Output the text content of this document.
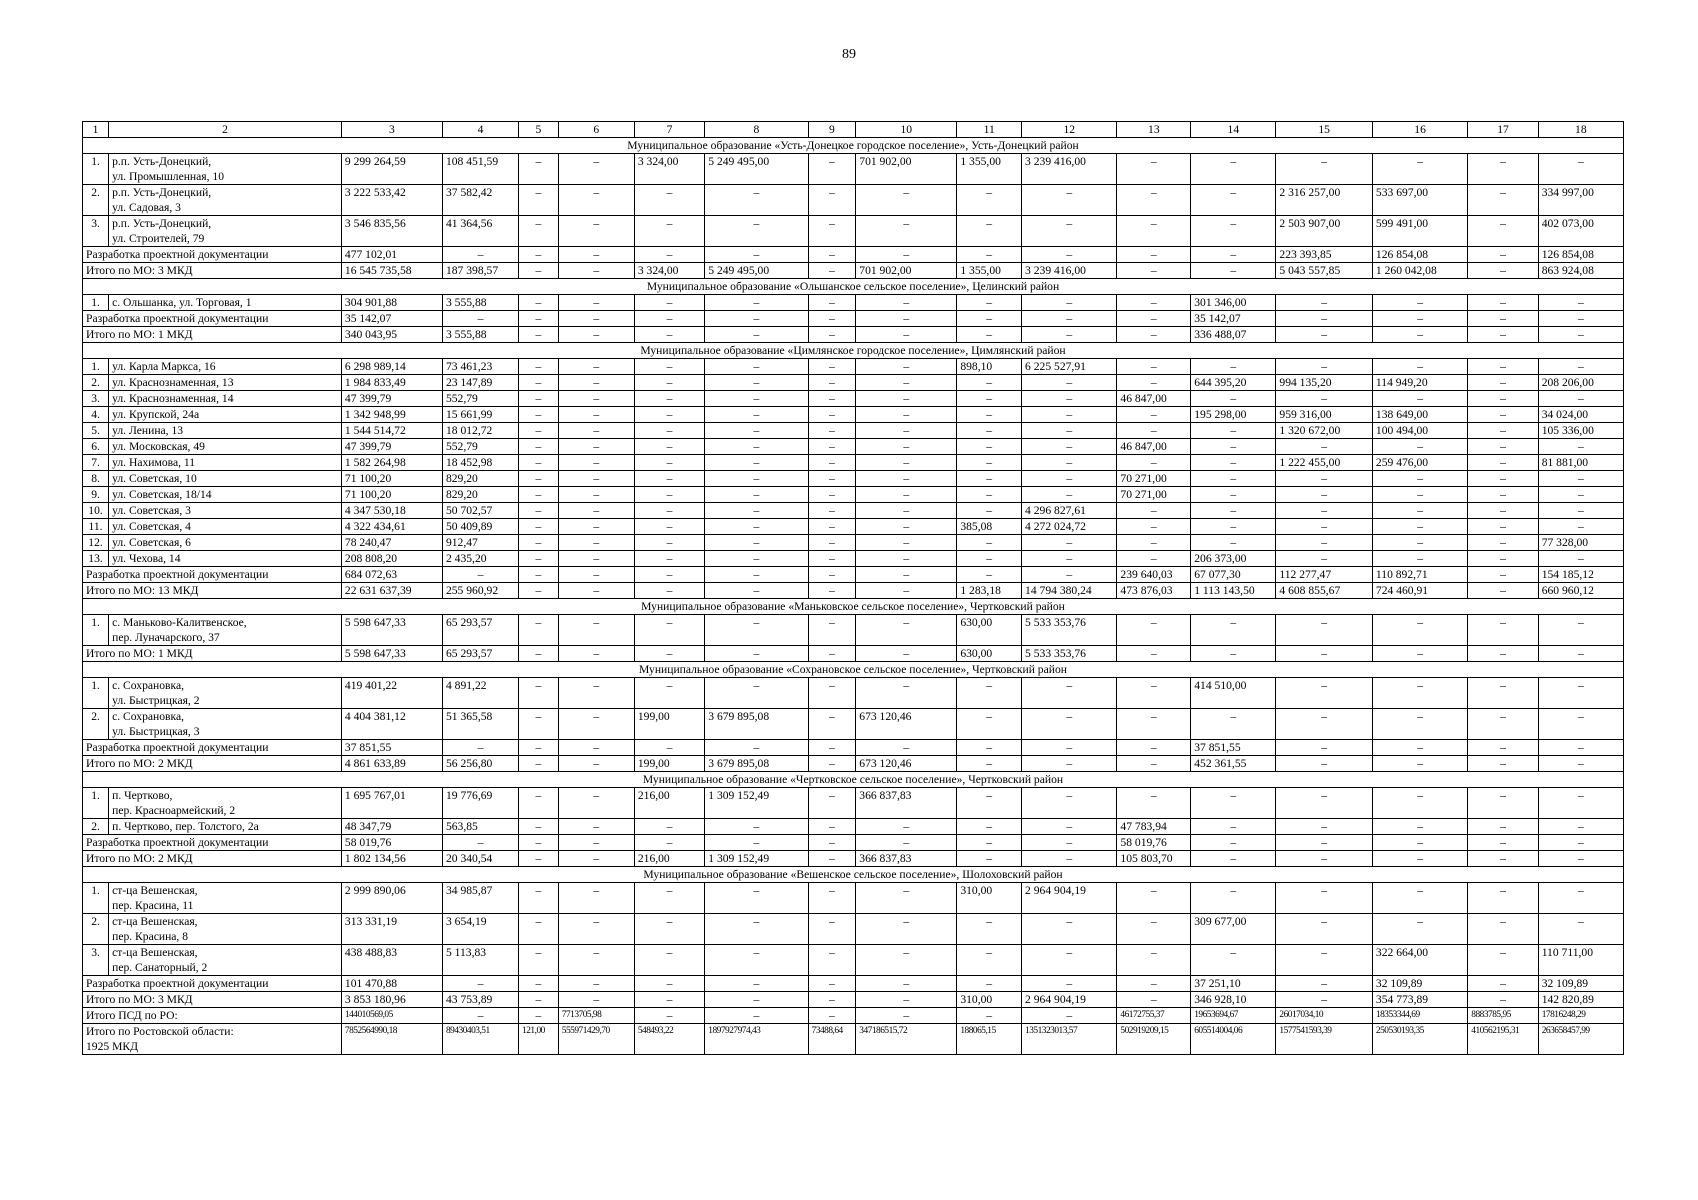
89
1	2	3	4	5	6	7	8	9	10	11	12	13	14	15	16	17	18
Муниципальное образование «Усть-Донецкое городское поселение», Усть-Донецкий район																	
1.	р.п. Усть-Донецкий,
ул. Промышленная, 10	9 299 264,59	108 451,59	–	–	3 324,00	5 249 495,00	–	701 902,00	1 355,00	3 239 416,00	–	–	–	–	–	–
2.	р.п. Усть-Донецкий,
ул. Садовая, 3	3 222 533,42	37 582,42	–	–	–	–	–	–	–	–	–	–	2 316 257,00	533 697,00	–	334 997,00
3.	р.п. Усть-Донецкий,
ул. Строителей, 79	3 546 835,56	41 364,56	–	–	–	–	–	–	–	–	–	–	2 503 907,00	599 491,00	–	402 073,00
Разработка проектной документации		477 102,01	–	–	–	–	–	–	–	–	–	–	–	223 393,85	126 854,08	–	126 854,08
Итого по МО: 3 МКД		16 545 735,58	187 398,57	–	–	3 324,00	5 249 495,00	–	701 902,00	1 355,00	3 239 416,00	–	–	5 043 557,85	1 260 042,08	–	863 924,08
Муниципальное образование «Ольшанское сельское поселение», Целинский район																	
1.	с. Ольшанка, ул. Торговая, 1	304 901,88	3 555,88	–	–	–	–	–	–	–	–	–	301 346,00	–	–	–	–
Разработка проектной документации		35 142,07	–	–	–	–	–	–	–	–	–	–	35 142,07	–	–	–	–
Итого по МО: 1 МКД		340 043,95	3 555,88	–	–	–	–	–	–	–	–	–	336 488,07	–	–	–	–
Муниципальное образование «Цимлянское городское поселение», Цимлянский район																	
1.	ул. Карла Маркса, 16	6 298 989,14	73 461,23	–	–	–	–	–	–	898,10	6 225 527,91	–	–	–	–	–	–
2.	ул. Краснознаменная, 13	1 984 833,49	23 147,89	–	–	–	–	–	–	–	–	–	644 395,20	994 135,20	114 949,20	–	208 206,00
3.	ул. Краснознаменная, 14	47 399,79	552,79	–	–	–	–	–	–	–	–	46 847,00	–	–	–	–	–
4.	ул. Крупской, 24а	1 342 948,99	15 661,99	–	–	–	–	–	–	–	–	–	195 298,00	959 316,00	138 649,00	–	34 024,00
5.	ул. Ленина, 13	1 544 514,72	18 012,72	–	–	–	–	–	–	–	–	–	–	1 320 672,00	100 494,00	–	105 336,00
6.	ул. Московская, 49	47 399,79	552,79	–	–	–	–	–	–	–	–	46 847,00	–	–	–	–	–
7.	ул. Нахимова, 11	1 582 264,98	18 452,98	–	–	–	–	–	–	–	–	–	–	1 222 455,00	259 476,00	–	81 881,00
8.	ул. Советская, 10	71 100,20	829,20	–	–	–	–	–	–	–	–	70 271,00	–	–	–	–	–
9.	ул. Советская, 18/14	71 100,20	829,20	–	–	–	–	–	–	–	–	70 271,00	–	–	–	–	–
10.	ул. Советская, 3	4 347 530,18	50 702,57	–	–	–	–	–	–	–	4 296 827,61	–	–	–	–	–	–
11.	ул. Советская, 4	4 322 434,61	50 409,89	–	–	–	–	–	–	385,08	4 272 024,72	–	–	–	–	–	–
12.	ул. Советская, 6	78 240,47	912,47	–	–	–	–	–	–	–	–	–	–	–	–	–	77 328,00
13.	ул. Чехова, 14	208 808,20	2 435,20	–	–	–	–	–	–	–	–	–	206 373,00	–	–	–	–
Разработка проектной документации		684 072,63	–	–	–	–	–	–	–	–	–	239 640,03	67 077,30	112 277,47	110 892,71	–	154 185,12
Итого по МО: 13 МКД		22 631 637,39	255 960,92	–	–	–	–	–	–	1 283,18	14 794 380,24	473 876,03	1 113 143,50	4 608 855,67	724 460,91	–	660 960,12
Муниципальное образование «Маньковское сельское поселение», Чертковский район																	
1.	с. Маньково-Калитвенское,
пер. Луначарского, 37	5 598 647,33	65 293,57	–	–	–	–	–	–	630,00	5 533 353,76	–	–	–	–	–	–
Итого по МО: 1 МКД		5 598 647,33	65 293,57	–	–	–	–	–	–	630,00	5 533 353,76	–	–	–	–	–	–
Муниципальное образование «Сохрановское сельское поселение», Чертковский район																	
1.	с. Сохрановка,
ул. Быстрицкая, 2	419 401,22	4 891,22	–	–	–	–	–	–	–	–	–	414 510,00	–	–	–	–
2.	с. Сохрановка,
ул. Быстрицкая, 3	4 404 381,12	51 365,58	–	–	199,00	3 679 895,08	–	673 120,46	–	–	–	–	–	–	–	–
Разработка проектной документации		37 851,55	–	–	–	–	–	–	–	–	–	–	37 851,55	–	–	–	–
Итого по МО: 2 МКД		4 861 633,89	56 256,80	–	–	199,00	3 679 895,08	–	673 120,46	–	–	–	452 361,55	–	–	–	–
Муниципальное образование «Чертковское сельское поселение», Чертковский район																	
1.	п. Чертково,
пер. Красноармейский, 2	1 695 767,01	19 776,69	–	–	216,00	1 309 152,49	–	366 837,83	–	–	–	–	–	–	–	–
2.	п. Чертково, пер. Толстого, 2а	48 347,79	563,85	–	–	–	–	–	–	–	–	47 783,94	–	–	–	–	–
Разработка проектной документации		58 019,76	–	–	–	–	–	–	–	–	–	58 019,76	–	–	–	–	–
Итого по МО: 2 МКД		1 802 134,56	20 340,54	–	–	216,00	1 309 152,49	–	366 837,83	–	–	105 803,70	–	–	–	–	–
Муниципальное образование «Вешенское сельское поселение», Шолоховский район																	
1.	ст-ца Вешенская,
пер. Красина, 11	2 999 890,06	34 985,87	–	–	–	–	–	–	310,00	2 964 904,19	–	–	–	–	–	–
2.	ст-ца Вешенская,
пер. Красина, 8	313 331,19	3 654,19	–	–	–	–	–	–	–	–	–	309 677,00	–	–	–	–
3.	ст-ца Вешенская,
пер. Санаторный, 2	438 488,83	5 113,83	–	–	–	–	–	–	–	–	–	–	–	322 664,00	–	110 711,00
Разработка проектной документации		101 470,88	–	–	–	–	–	–	–	–	–	–	37 251,10	–	32 109,89	–	32 109,89
Итого по МО: 3 МКД		3 853 180,96	43 753,89	–	–	–	–	–	–	310,00	2 964 904,19	–	346 928,10	–	354 773,89	–	142 820,89
Итого ПСД по РО:		144010569,05	–	–	7713705,98	–	–	–	–	–	–	46172755,37	19653694,67	26017034,10	18353344,69	8883785,95	17816248,29
Итого по Ростовской области:
1925 МКД		7852564990,18	89430403,51	121,00	555971429,70	548493,22	1897927974,43	73488,64	347186515,72	188065,15	1351323013,57	502919209,15	605514004,06	1577541593,39	250530193,35	410562195,31	263658457,99
